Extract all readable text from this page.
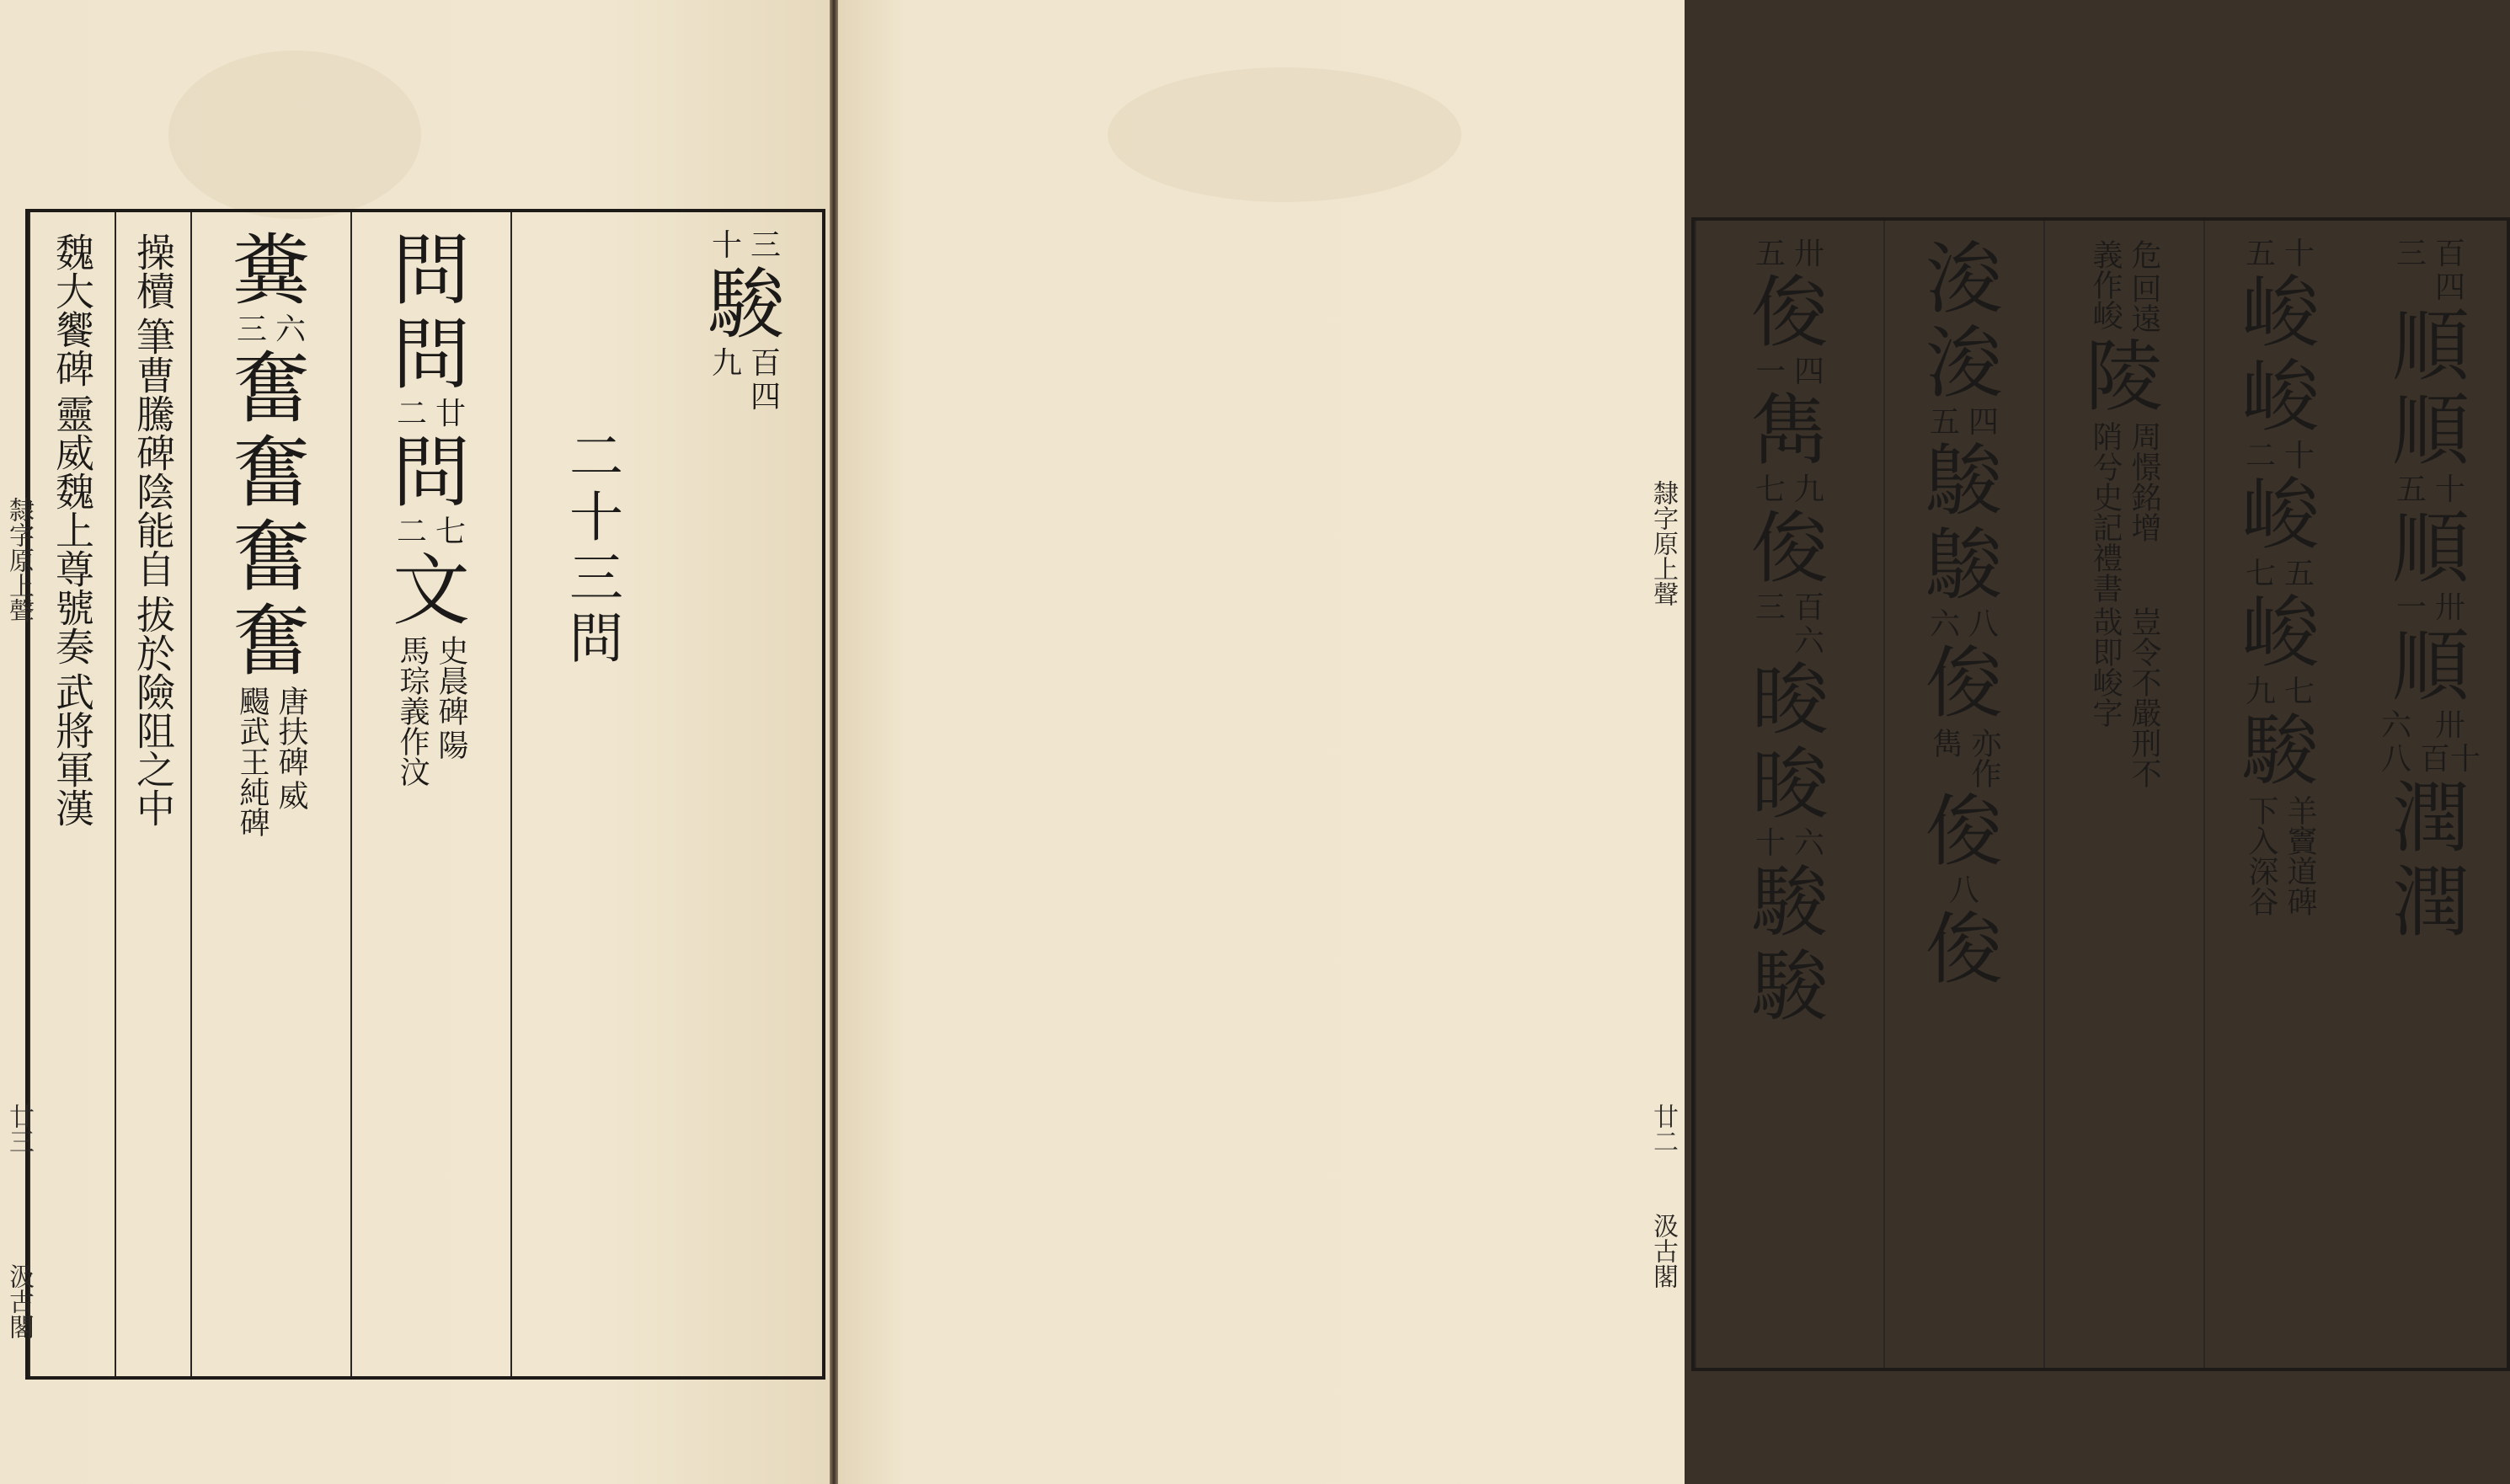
三
十
駿
百
四
九
二十三問
問
問
廿
二
問
七
二
文
史晨碑
陽
馬琮義作汶
糞
六
三
奮
奮
奮
奮
唐扶碑
威
颺武王純碑
操櫝
筆曹騰碑陰能自
拔於險阻之中
魏大饗碑
靈威魏上尊號奏
武將軍漢
隸字原上聲
廿三
汲古閣
百
四
三
順
順
十
五
順
卅
一
順
卅
百十
六
八
潤
潤
十
五
峻
峻
十
二
峻
五
七
峻
七
九
駿
羊竇道碑
下入深谷
危
回遠
義作峻
陵
周憬銘增
陗兮史記禮書
豈令不嚴刑不
哉即峻字
浚
浚
四
五
鵔
鵔
八
六
俊
亦作
雋
俊
八
俊
卅
五
俊
四
一
雋
九
七
俊
百
六
三
晙
晙
六
十
駿
駿
隸字原上聲
廿二
汲古閣
